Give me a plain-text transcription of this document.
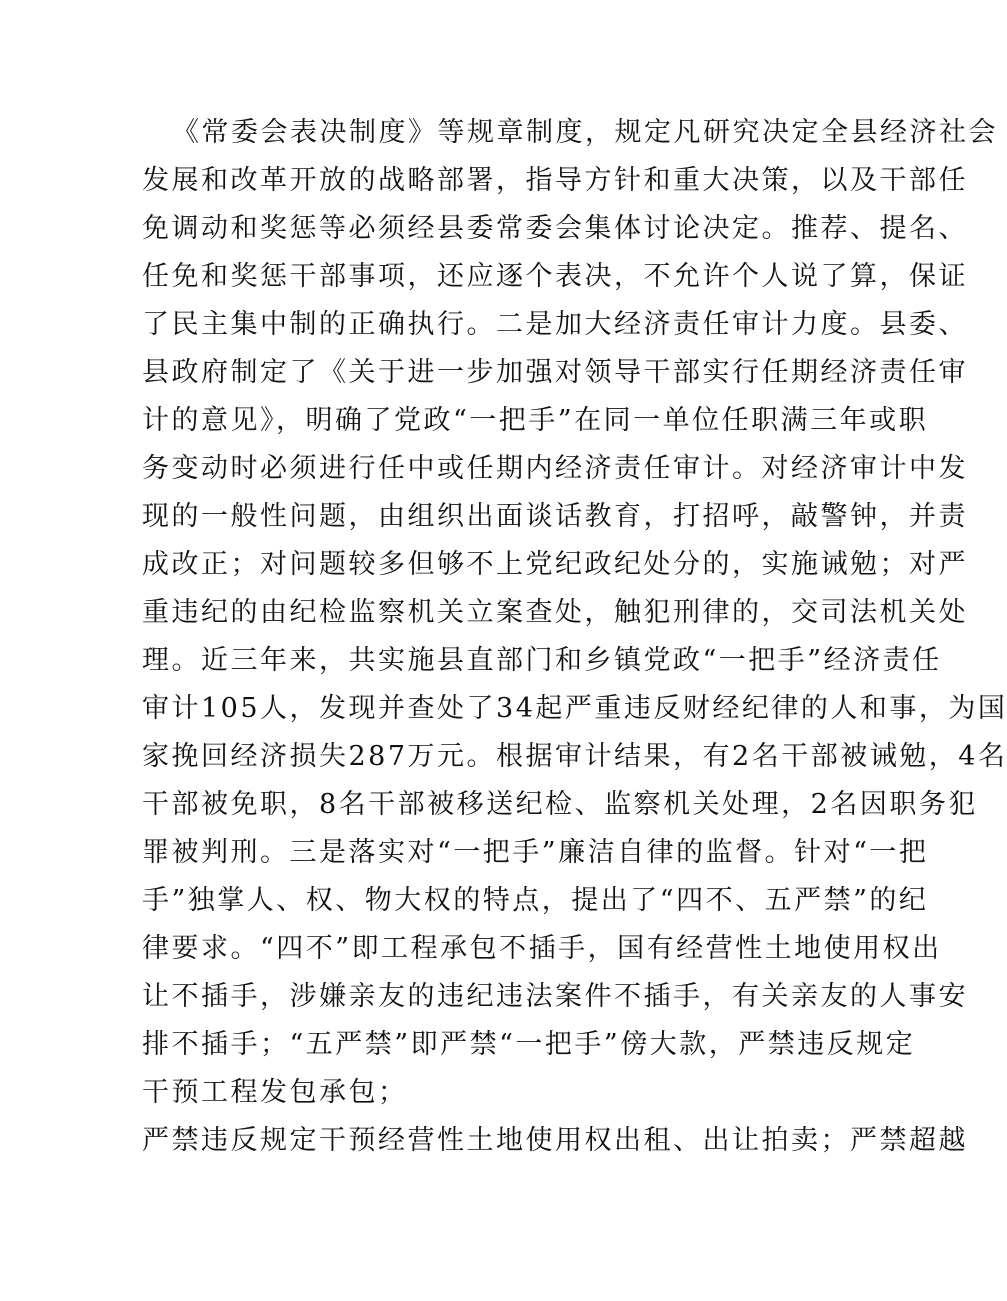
《常委会表决制度》等规章制度，规定凡研究决定全县经济社会

发展和改革开放的战略部署，指导方针和重大决策，以及干部任

免调动和奖惩等必须经县委常委会集体讨论决定。推荐、提名、

任免和奖惩干部事项，还应逐个表决，不允许个人说了算，保证

了民主集中制的正确执行。二是加大经济责任审计力度。县委、

县政府制定了《关于进一步加强对领导干部实行任期经济责任审

计的意见》，明确了党政“一把手”在同一单位任职满三年或职

务变动时必须进行任中或任期内经济责任审计。对经济审计中发

现的一般性问题，由组织出面谈话教育，打招呼，敲警钟，并责

成改正；对问题较多但够不上党纪政纪处分的，实施诫勉；对严

重违纪的由纪检监察机关立案查处，触犯刑律的，交司法机关处

理。近三年来，共实施县直部门和乡镇党政“一把手”经济责任

审计105人，发现并查处了34起严重违反财经纪律的人和事，为国

家挽回经济损失287万元。根据审计结果，有2名干部被诫勉，4名

干部被免职，8名干部被移送纪检、监察机关处理，2名因职务犯

罪被判刑。三是落实对“一把手”廉洁自律的监督。针对“一把

手”独掌人、权、物大权的特点，提出了“四不、五严禁”的纪

律要求。“四不”即工程承包不插手，国有经营性土地使用权出

让不插手，涉嫌亲友的违纪违法案件不插手，有关亲友的人事安

排不插手；“五严禁”即严禁“一把手”傍大款，严禁违反规定

干预工程发包承包；

严禁违反规定干预经营性土地使用权出租、出让拍卖；严禁超越
